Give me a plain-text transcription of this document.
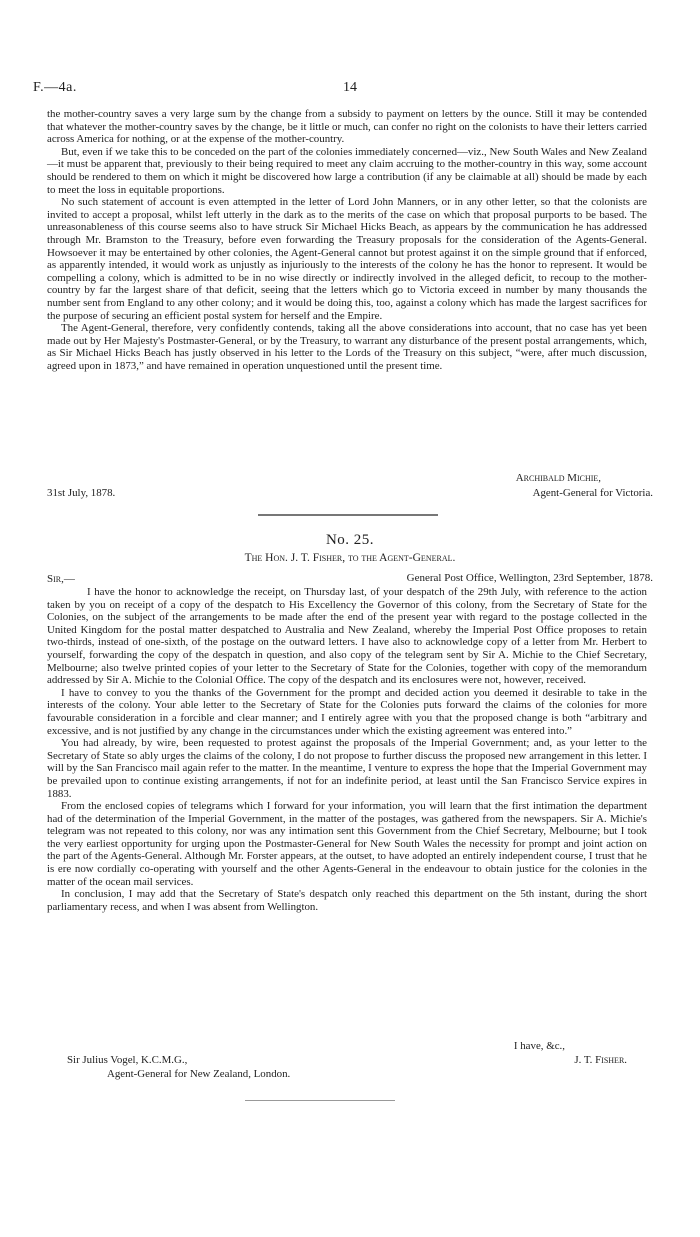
F.—4a.	14

the mother-country saves a very large sum by the change from a subsidy to payment on letters by the ounce. Still it may be contended that whatever the mother-country saves by the change, be it little or much, can confer no right on the colonists to have their letters carried across America for nothing, or at the expense of the mother-country.

But, even if we take this to be conceded on the part of the colonies immediately concerned—viz., New South Wales and New Zealand—it must be apparent that, previously to their being required to meet any claim accruing to the mother-country in this way, some account should be rendered to them on which it might be discovered how large a contribution (if any be claimable at all) should be made by each to meet the loss in equitable proportions.

No such statement of account is even attempted in the letter of Lord John Manners, or in any other letter, so that the colonists are invited to accept a proposal, whilst left utterly in the dark as to the merits of the case on which that proposal purports to be based. The unreasonableness of this course seems also to have struck Sir Michael Hicks Beach, as appears by the communication he has addressed through Mr. Bramston to the Treasury, before even forwarding the Treasury proposals for the consideration of the Agents-General. Howsoever it may be entertained by other colonies, the Agent-General cannot but protest against it on the simple ground that if enforced, as apparently intended, it would work as unjustly as injuriously to the interests of the colony he has the honor to represent. It would be compelling a colony, which is admitted to be in no wise directly or indirectly involved in the alleged deficit, to recoup to the mother-country by far the largest share of that deficit, seeing that the letters which go to Victoria exceed in number by many thousands the number sent from England to any other colony; and it would be doing this, too, against a colony which has made the largest sacrifices for the purpose of securing an efficient postal system for herself and the Empire.

The Agent-General, therefore, very confidently contends, taking all the above considerations into account, that no case has yet been made out by Her Majesty's Postmaster-General, or by the Treasury, to warrant any disturbance of the present postal arrangements, which, as Sir Michael Hicks Beach has justly observed in his letter to the Lords of the Treasury on this subject, “were, after much discussion, agreed upon in 1873,” and have remained in operation unquestioned until the present time.

Archibald Michie,
31st July, 1878.	Agent-General for Victoria.
No. 25.
The Hon. J. T. Fisher, to the Agent-General.
Sir,—	General Post Office, Wellington, 23rd September, 1878.

I have the honor to acknowledge the receipt, on Thursday last, of your despatch of the 29th July, with reference to the action taken by you on receipt of a copy of the despatch to His Excellency the Governor of this colony, from the Secretary of State for the Colonies, on the subject of the arrangements to be made after the end of the present year with regard to the postage collected in the United Kingdom for the postal matter despatched to Australia and New Zealand, whereby the Imperial Post Office proposes to retain two-thirds, instead of one-sixth, of the postage on the outward letters. I have also to acknowledge copy of a letter from Mr. Herbert to yourself, forwarding the copy of the despatch in question, and also copy of the telegram sent by Sir A. Michie to the Chief Secretary, Melbourne; also twelve printed copies of your letter to the Secretary of State for the Colonies, together with copy of the memorandum addressed by Sir A. Michie to the Colonial Office. The copy of the despatch and its enclosures were not, however, received.

I have to convey to you the thanks of the Government for the prompt and decided action you deemed it desirable to take in the interests of the colony. Your able letter to the Secretary of State for the Colonies puts forward the claims of the colonies for more favourable consideration in a forcible and clear manner; and I entirely agree with you that the proposed change is both “arbitrary and excessive, and is not justified by any change in the circumstances under which the existing agreement was entered into.”

You had already, by wire, been requested to protest against the proposals of the Imperial Government; and, as your letter to the Secretary of State so ably urges the claims of the colony, I do not propose to further discuss the proposed new arrangement in this letter. I will by the San Francisco mail again refer to the matter. In the meantime, I venture to express the hope that the Imperial Government may be prevailed upon to continue existing arrangements, if not for an indefinite period, at least until the San Francisco Service expires in 1883.

From the enclosed copies of telegrams which I forward for your information, you will learn that the first intimation the department had of the determination of the Imperial Government, in the matter of the postages, was gathered from the newspapers. Sir A. Michie's telegram was not repeated to this colony, nor was any intimation sent this Government from the Chief Secretary, Melbourne; but I took the very earliest opportunity for urging upon the Postmaster-General for New South Wales the necessity for prompt and joint action on the part of the Agents-General. Although Mr. Forster appears, at the outset, to have adopted an entirely independent course, I trust that he is ere now cordially co-operating with yourself and the other Agents-General in the endeavour to obtain justice for the colonies in the matter of the ocean mail services.

In conclusion, I may add that the Secretary of State's despatch only reached this department on the 5th instant, during the short parliamentary recess, and when I was absent from Wellington.

I have, &c.,
Sir Julius Vogel, K.C.M.G.,	J. T. Fisher.
Agent-General for New Zealand, London.
